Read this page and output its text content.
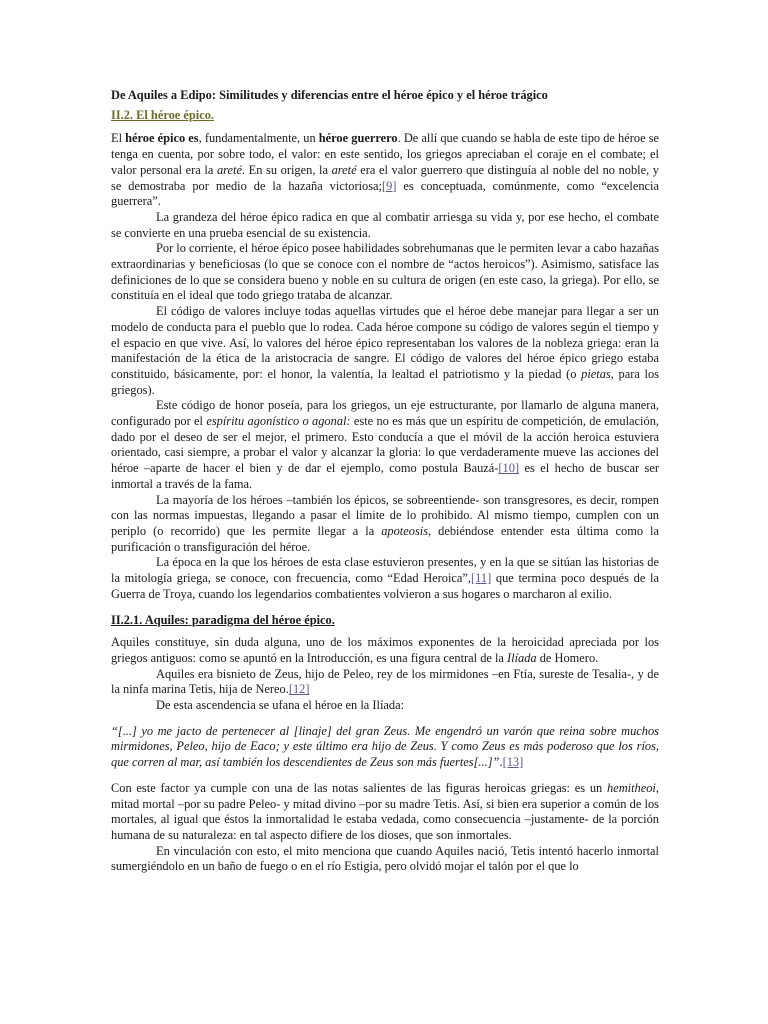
De Aquiles a Edipo: Similitudes y diferencias entre el héroe épico y el héroe trágico

II.2. El héroe épico.

El héroe épico es, fundamentalmente, un héroe guerrero. De allí que cuando se habla de este tipo de héroe se tenga en cuenta, por sobre todo, el valor: en este sentido, los griegos apreciaban el coraje en el combate; el valor personal era la areté. En su origen, la areté era el valor guerrero que distinguía al noble del no noble, y se demostraba por medio de la hazaña victoriosa;[9] es conceptuada, comúnmente, como “excelencia guerrera”.

La grandeza del héroe épico radica en que al combatir arriesga su vida y, por ese hecho, el combate se convierte en una prueba esencial de su existencia.

Por lo corriente, el héroe épico posee habilidades sobrehumanas que le permiten levar a cabo hazañas extraordinarias y beneficiosas (lo que se conoce con el nombre de “actos heroicos”). Asimismo, satisface las definiciones de lo que se considera bueno y noble en su cultura de origen (en este caso, la griega). Por ello, se constituía en el ideal que todo griego trataba de alcanzar.

El código de valores incluye todas aquellas virtudes que el héroe debe manejar para llegar a ser un modelo de conducta para el pueblo que lo rodea. Cada héroe compone su código de valores según el tiempo y el espacio en que vive. Así, lo valores del héroe épico representaban los valores de la nobleza griega: eran la manifestación de la ética de la aristocracia de sangre. El código de valores del héroe épico griego estaba constituido, básicamente, por: el honor, la valentía, la lealtad el patriotismo y la piedad (o pietas, para los griegos).

Este código de honor poseía, para los griegos, un eje estructurante, por llamarlo de alguna manera, configurado por el espíritu agonístico o agonal: este no es más que un espíritu de competición, de emulación, dado por el deseo de ser el mejor, el primero. Esto conducía a que el móvil de la acción heroica estuviera orientado, casi siempre, a probar el valor y alcanzar la gloria: lo que verdaderamente mueve las acciones del héroe –aparte de hacer el bien y de dar el ejemplo, como postula Bauzá-[10] es el hecho de buscar ser inmortal a través de la fama.

La mayoría de los héroes –también los épicos, se sobreentiende- son transgresores, es decir, rompen con las normas impuestas, llegando a pasar el límite de lo prohibido. Al mismo tiempo, cumplen con un periplo (o recorrido) que les permite llegar a la apoteosis, debiéndose entender esta última como la purificación o transfiguración del héroe.

La época en la que los héroes de esta clase estuvieron presentes, y en la que se sitúan las historias de la mitología griega, se conoce, con frecuencia, como “Edad Heroica”,[11] que termina poco después de la Guerra de Troya, cuando los legendarios combatientes volvieron a sus hogares o marcharon al exilio.

II.2.1. Aquiles: paradigma del héroe épico.

Aquiles constituye, sin duda alguna, uno de los máximos exponentes de la heroicidad apreciada por los griegos antiguos: como se apuntó en la Introducción, es una figura central de la Ilíada de Homero.

Aquiles era bisnieto de Zeus, hijo de Peleo, rey de los mirmidones –en Ftía, sureste de Tesalia-, y de la ninfa marina Tetis, hija de Nereo.[12]

De esta ascendencia se ufana el héroe en la Ilíada:

“[...] yo me jacto de pertenecer al [linaje] del gran Zeus. Me engendró un varón que reina sobre muchos mirmidones, Peleo, hijo de Eaco; y este último era hijo de Zeus. Y como Zeus es más poderoso que los ríos, que corren al mar, así también los descendientes de Zeus son más fuertes[...]”.[13]

Con este factor ya cumple con una de las notas salientes de las figuras heroicas griegas: es un hemitheoi, mitad mortal –por su padre Peleo- y mitad divino –por su madre Tetis. Así, si bien era superior a común de los mortales, al igual que éstos la inmortalidad le estaba vedada, como consecuencia –justamente- de la porción humana de su naturaleza: en tal aspecto difiere de los dioses, que son inmortales.

En vinculación con esto, el mito menciona que cuando Aquiles nació, Tetis intentó hacerlo inmortal sumergiéndolo en un baño de fuego o en el río Estigia, pero olvidó mojar el talón por el que lo
